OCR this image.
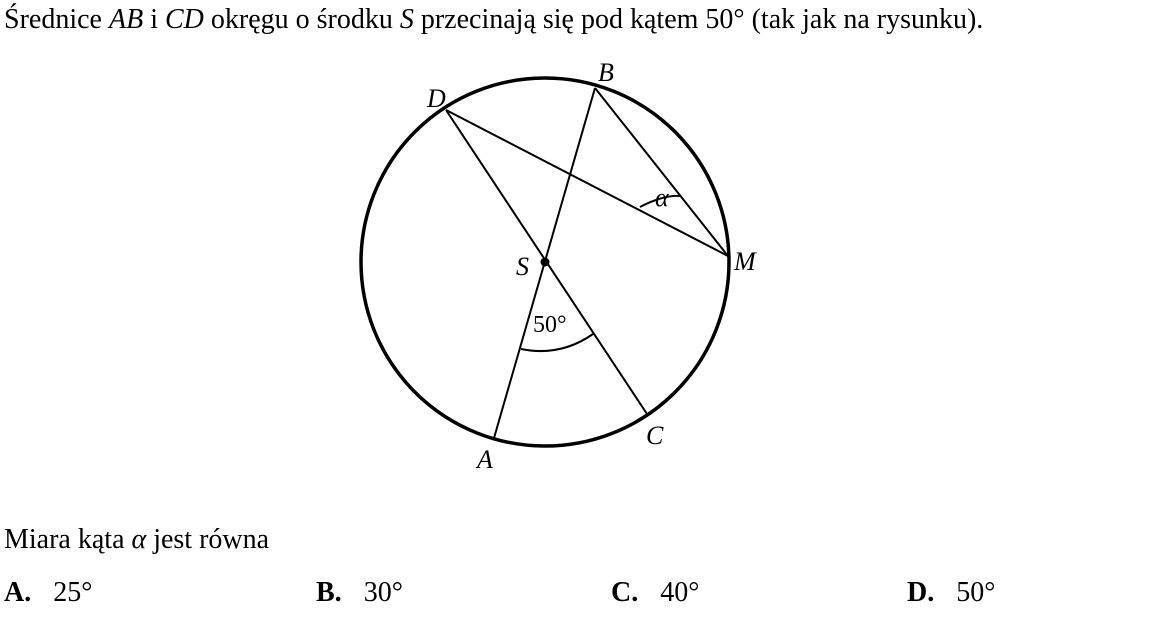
Średnice AB i CD okręgu o środku S przecinają się pod kątem 50° (tak jak na rysunku).
B
D
S	M
C
A
α
50°
Miara kąta α jest równa
A. 25°	B. 30°	C. 40°	D. 50°
